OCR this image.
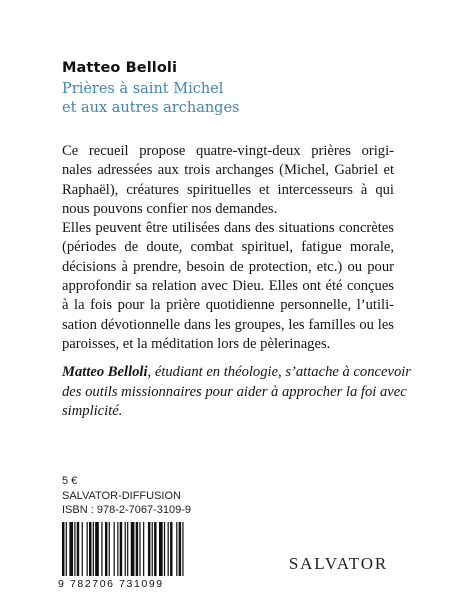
Matteo Belloli

Prières à saint Michel
et aux autres archanges
Ce recueil propose quatre-vingt-deux prières origi-
nales adressées aux trois archanges (Michel, Gabriel et
Raphaël), créatures spirituelles et intercesseurs à qui
nous pouvons confier nos demandes.
Elles peuvent être utilisées dans des situations concrètes
(périodes de doute, combat spirituel, fatigue morale,
décisions à prendre, besoin de protection, etc.) ou pour
approfondir sa relation avec Dieu. Elles ont été conçues
à la fois pour la prière quotidienne personnelle, l’utili-
sation dévotionnelle dans les groupes, les familles ou les
paroisses, et la méditation lors de pèlerinages.
Matteo Belloli, étudiant en théologie, s’attache à concevoir
des outils missionnaires pour aider à approcher la foi avec
simplicité.
5 €
SALVATOR-DIFFUSION
ISBN : 978-2-7067-3109-9
9 782706 731099
SALVATOR
